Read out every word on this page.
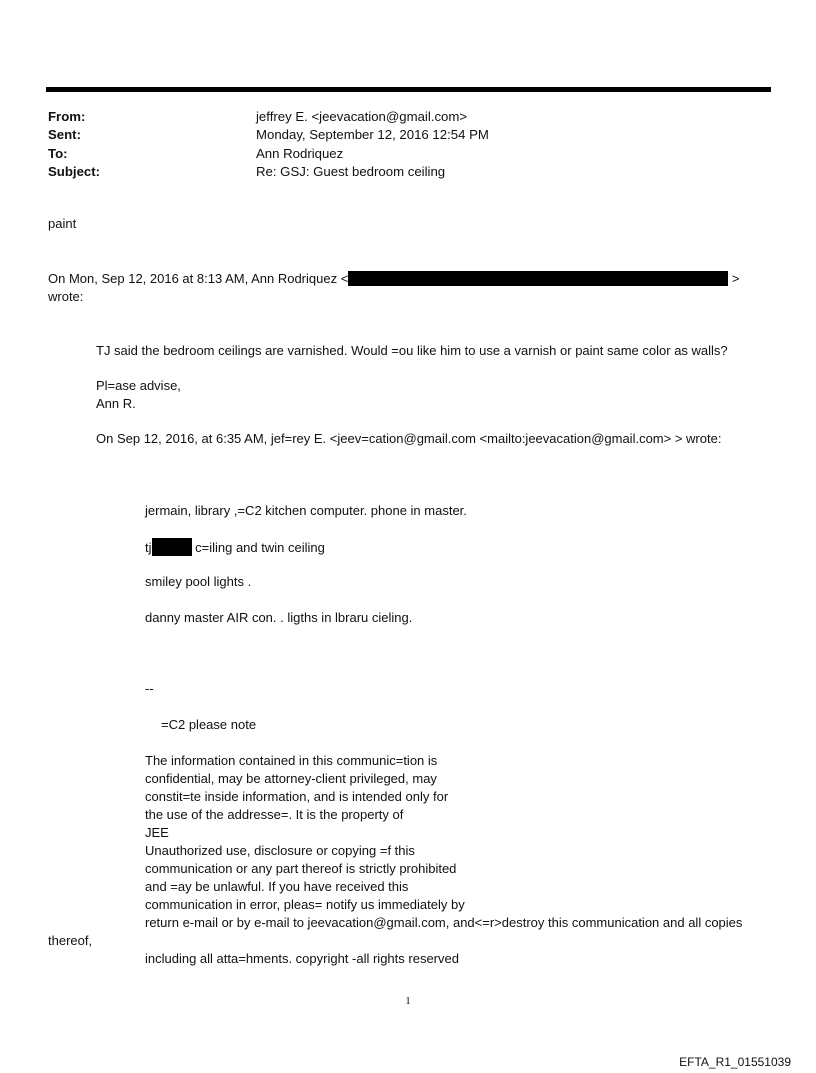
From:	jeffrey E. <jeevacation@gmail.com>
Sent:	Monday, September 12, 2016 12:54 PM
To:	Ann Rodriquez
Subject:	Re: GSJ: Guest bedroom ceiling
paint
On Mon, Sep 12, 2016 at 8:13 AM, Ann Rodriquez <	>
wrote:
TJ said the bedroom ceilings are varnished. Would =ou like him to use a varnish or paint same color as walls?
Pl=ase advise,
Ann R.
On Sep 12, 2016, at 6:35 AM, jef=rey E. <jeev=cation@gmail.com <mailto:jeevacation@gmail.com> > wrote:
jermain, library ,=C2 kitchen computer. phone in master.
tj	c=iling and twin ceiling
smiley pool lights .
danny master AIR con. . ligths in lbraru cieling.
--
=C2 please note
The information contained in this communic=tion is
confidential, may be attorney-client privileged, may
constit=te inside information, and is intended only for
the use of the addresse=. It is the property of
JEE
Unauthorized use, disclosure or copying =f this
communication or any part thereof is strictly prohibited
and =ay be unlawful. If you have received this
communication in error, pleas= notify us immediately by
return e-mail or by e-mail to jeevacation@gmail.com, and<=r>destroy this communication and all copies
thereof,
including all atta=hments. copyright -all rights reserved
1
EFTA_R1_01551039
